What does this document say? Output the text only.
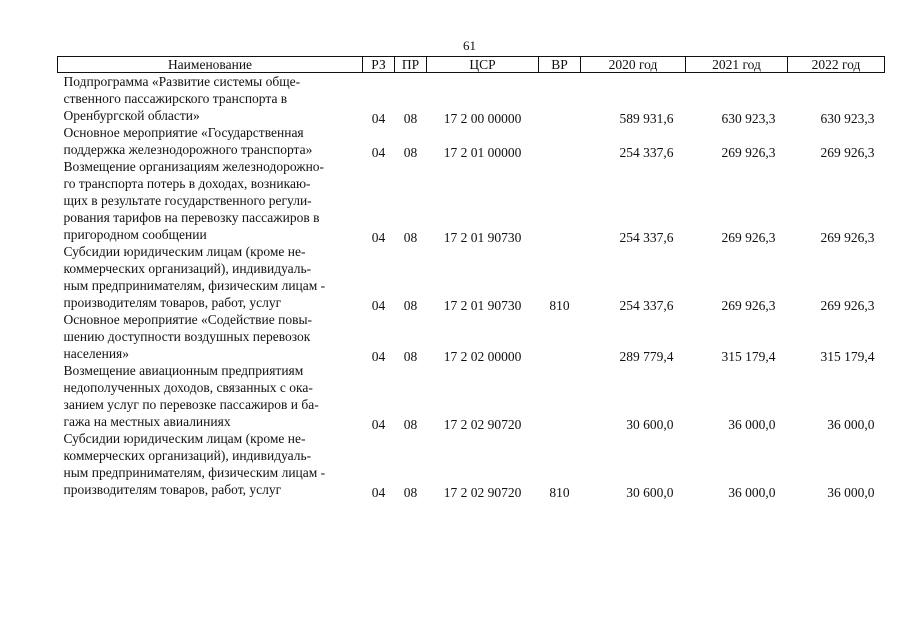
61
Наименование	РЗ	ПР	ЦСР	ВР	2020 год	2021 год	2022 год
Подпрограмма «Развитие системы обще-
ственного пассажирского транспорта в
Оренбургской области»	04	08	17 2 00 00000		589 931,6	630 923,3	630 923,3
Основное мероприятие «Государственная
поддержка железнодорожного транспорта»	04	08	17 2 01 00000		254 337,6	269 926,3	269 926,3
Возмещение организациям железнодорожно-
го транспорта потерь в доходах, возникаю-
щих в результате государственного регули-
рования тарифов на перевозку пассажиров в
пригородном сообщении	04	08	17 2 01 90730		254 337,6	269 926,3	269 926,3
Субсидии юридическим лицам (кроме не-
коммерческих организаций), индивидуаль-
ным предпринимателям, физическим лицам -
производителям товаров, работ, услуг	04	08	17 2 01 90730	810	254 337,6	269 926,3	269 926,3
Основное мероприятие «Содействие повы-
шению доступности воздушных перевозок
населения»	04	08	17 2 02 00000		289 779,4	315 179,4	315 179,4
Возмещение авиационным предприятиям
недополученных доходов, связанных с ока-
занием услуг по перевозке пассажиров и ба-
гажа на местных авиалиниях	04	08	17 2 02 90720		30 600,0	36 000,0	36 000,0
Субсидии юридическим лицам (кроме не-
коммерческих организаций), индивидуаль-
ным предпринимателям, физическим лицам -
производителям товаров, работ, услуг	04	08	17 2 02 90720	810	30 600,0	36 000,0	36 000,0
